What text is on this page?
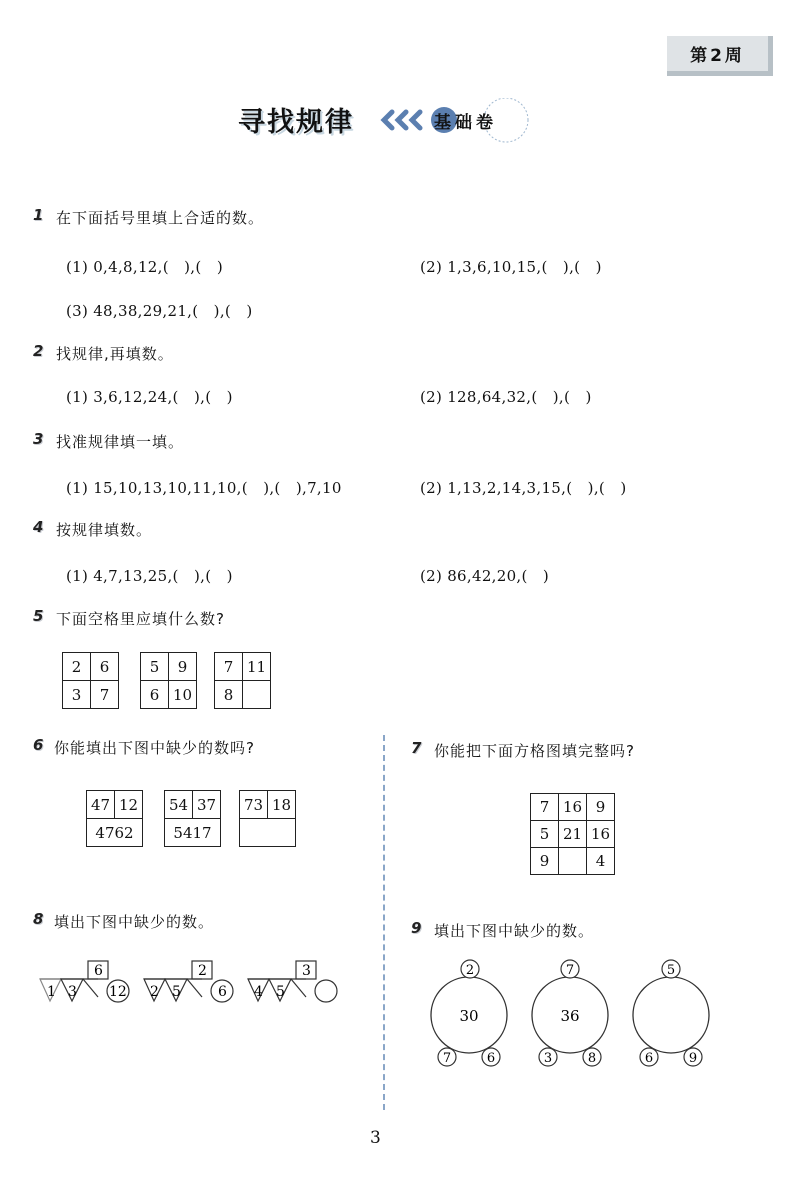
第2周
寻找规律	基础卷
1 在下面括号里填上合适的数。
(1) 0,4,8,12,(　),(　)	(2) 1,3,6,10,15,(　),(　)
(3) 48,38,29,21,(　),(　)
2 找规律,再填数。
(1) 3,6,12,24,(　),(　)	(2) 128,64,32,(　),(　)
3 找准规律填一填。
(1) 15,10,13,10,11,10,(　),(　),7,10	(2) 1,13,2,14,3,15,(　),(　)
4 按规律填数。
(1) 4,7,13,25,(　),(　)	(2) 86,42,20,(　)
5 下面空格里应填什么数?
2	6
3	7
5	9
6	10
7	11
8	
6 你能填出下图中缺少的数吗?
47	12
4762
54	37
5417
73	18

7 你能把下面方格图填完整吗?
7	16	9
5	21	16
9		4
8 填出下图中缺少的数。
1 3
6
12 2 5
2
6 4 5
3
9 填出下图中缺少的数。
2
30
7	6
7
36
3	8
5
6	9
3
